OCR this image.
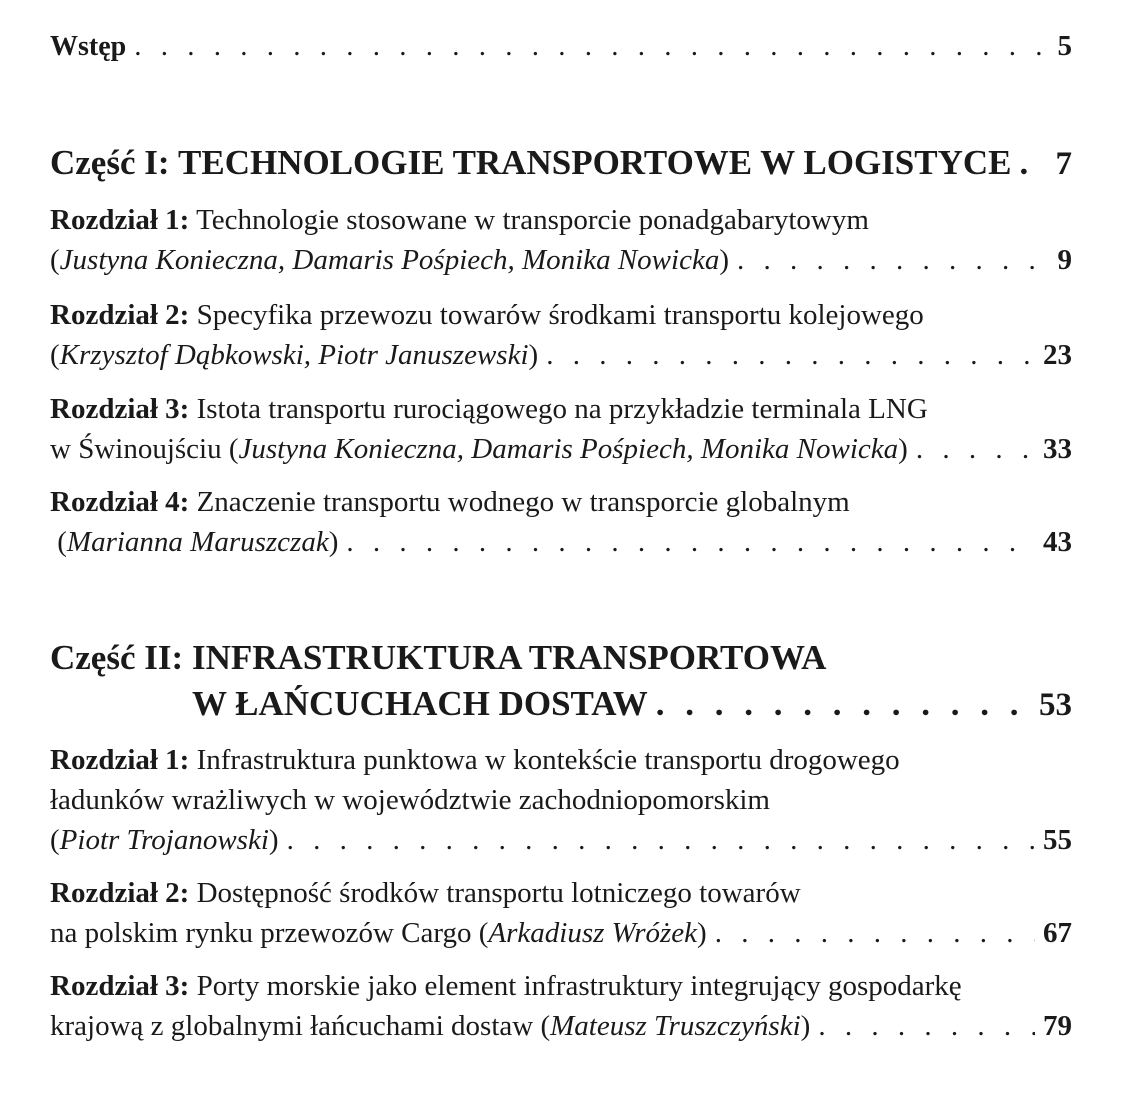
Wstęp . . .	5
Część I: TECHNOLOGIE TRANSPORTOWE W LOGISTYCE . . . 7
Rozdział 1: Technologie stosowane w transporcie ponadgabarytowym
(Justyna Konieczna, Damaris Pośpiech, Monika Nowicka) . . .	9
Rozdział 2: Specyfika przewozu towarów środkami transportu kolejowego
(Krzysztof Dąbkowski, Piotr Januszewski) . . .	23
Rozdział 3: Istota transportu rurociągowego na przykładzie terminala LNG
w Świnoujściu (Justyna Konieczna, Damaris Pośpiech, Monika Nowicka) . . .	33
Rozdział 4: Znaczenie transportu wodnego w transporcie globalnym
(Marianna Maruszczak) . . .	43
Część II: INFRASTRUKTURA TRANSPORTOWA
W ŁAŃCUCHACH DOSTAW . . .	53
Rozdział 1: Infrastruktura punktowa w kontekście transportu drogowego
ładunków wrażliwych w województwie zachodniopomorskim
(Piotr Trojanowski) . . .	55
Rozdział 2: Dostępność środków transportu lotniczego towarów
na polskim rynku przewozów Cargo (Arkadiusz Wróżek) . . .	67
Rozdział 3: Porty morskie jako element infrastruktury integrujący gospodarkę
krajową z globalnymi łańcuchami dostaw (Mateusz Truszczyński) . . .	79
